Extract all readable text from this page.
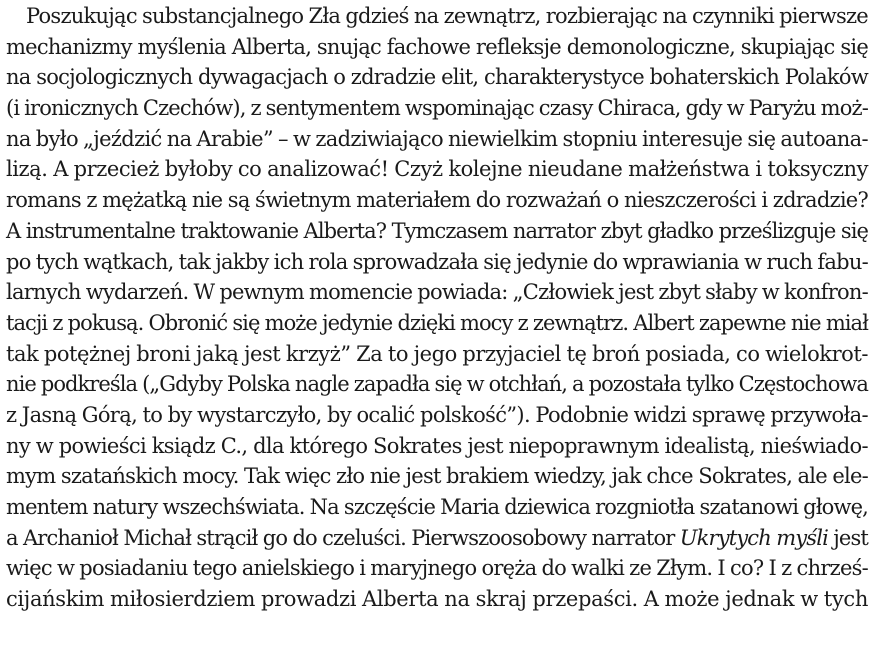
Poszukując substancjalnego Zła gdzieś na zewnątrz, rozbierając na czynniki pierwsze
mechanizmy myślenia Alberta, snując fachowe refleksje demonologiczne, skupiając się
na socjologicznych dywagacjach o zdradzie elit, charakterystyce bohaterskich Polaków
(i ironicznych Czechów), z sentymentem wspominając czasy Chiraca, gdy w Paryżu moż-
na było „jeździć na Arabie” – w zadziwiająco niewielkim stopniu interesuje się autoana-
lizą. A przecież byłoby co analizować! Czyż kolejne nieudane małżeństwa i toksyczny
romans z mężatką nie są świetnym materiałem do rozważań o nieszczerości i zdradzie?
A instrumentalne traktowanie Alberta? Tymczasem narrator zbyt gładko prześlizguje się
po tych wątkach, tak jakby ich rola sprowadzała się jedynie do wprawiania w ruch fabu-
larnych wydarzeń. W pewnym momencie powiada: „Człowiek jest zbyt słaby w konfron-
tacji z pokusą. Obronić się może jedynie dzięki mocy z zewnątrz. Albert zapewne nie miał
tak potężnej broni jaką jest krzyż” Za to jego przyjaciel tę broń posiada, co wielokrot-
nie podkreśla („Gdyby Polska nagle zapadła się w otchłań, a pozostała tylko Częstochowa
z Jasną Górą, to by wystarczyło, by ocalić polskość”). Podobnie widzi sprawę przywoła-
ny w powieści ksiądz C., dla którego Sokrates jest niepoprawnym idealistą, nieświado-
mym szatańskich mocy. Tak więc zło nie jest brakiem wiedzy, jak chce Sokrates, ale ele-
mentem natury wszechświata. Na szczęście Maria dziewica rozgniotła szatanowi głowę,
a Archanioł Michał strącił go do czeluści. Pierwszoosobowy narrator Ukrytych myśli jest
więc w posiadaniu tego anielskiego i maryjnego oręża do walki ze Złym. I co? I z chrześ-
cijańskim miłosierdziem prowadzi Alberta na skraj przepaści. A może jednak w tych
